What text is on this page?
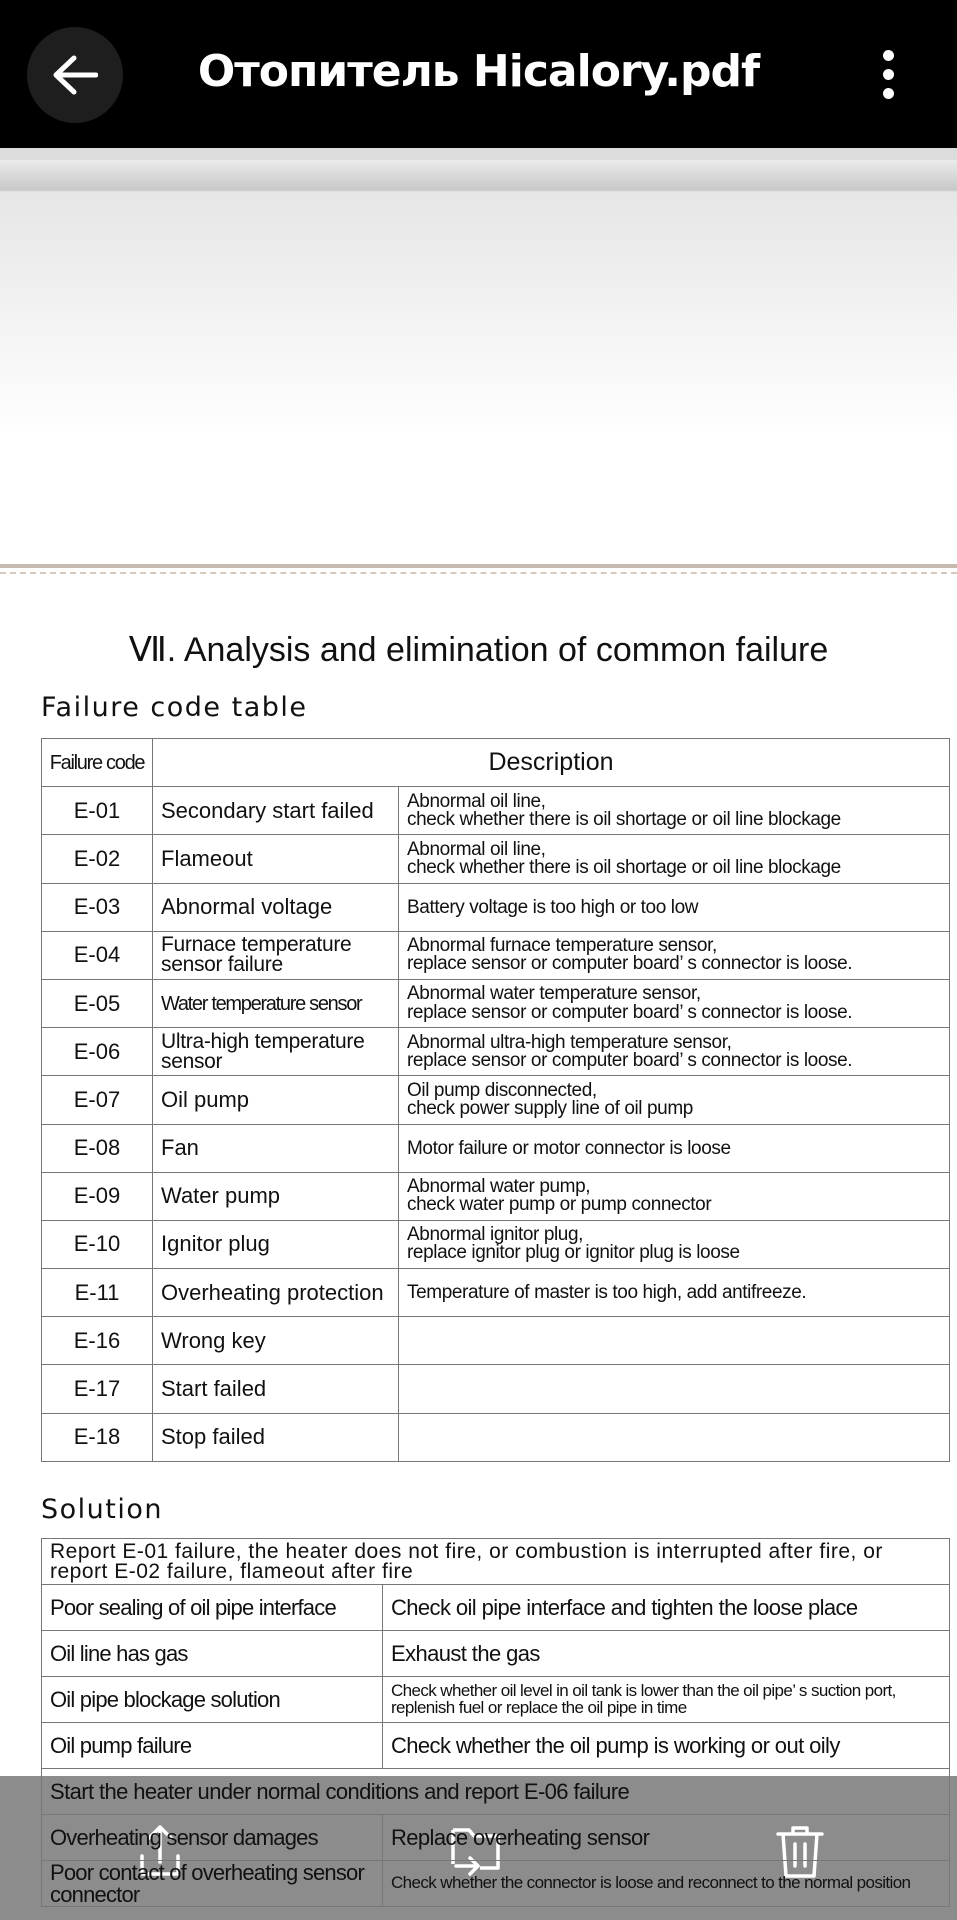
Отопитель Hicalory.pdf
Ⅶ. Analysis and elimination of common failure
Failure code table
Failure code	Description	
E-01	Secondary start failed	Abnormal oil line,
check whether there is oil shortage or oil line blockage

E-02	Flameout	Abnormal oil line,
check whether there is oil shortage or oil line blockage

E-03	Abnormal voltage	Battery voltage is too high or too low

E-04	Furnace temperature sensor failure	Abnormal furnace temperature sensor,
replace sensor or computer board’ s connector is loose.

E-05	Water temperature sensor	Abnormal water temperature sensor,
replace sensor or computer board’ s connector is loose.

E-06	Ultra-high temperature sensor	Abnormal ultra-high temperature sensor,
replace sensor or computer board’ s connector is loose.

E-07	Oil pump	Oil pump disconnected,
check power supply line of oil pump

E-08	Fan	Motor failure or motor connector is loose

E-09	Water pump	Abnormal water pump,
check water pump or pump connector

E-10	Ignitor plug	Abnormal ignitor plug,
replace ignitor plug or ignitor plug is loose

E-11	Overheating protection	Temperature of master is too high, add antifreeze.

E-16	Wrong key	

E-17	Start failed	

E-18	Stop failed	
Solution
Report E-01 failure, the heater does not fire, or combustion is interrupted after fire, or report E-02 failure, flameout after fire	
Poor sealing of oil pipe interface	Check oil pipe interface and tighten the loose place
Oil line has gas	Exhaust the gas
Oil pipe blockage solution	Check whether oil level in oil tank is lower than the oil pipe’ s suction port, replenish fuel or replace the oil pipe in time
Oil pump failure	Check whether the oil pump is working or out oily
Start the heater under normal conditions and report E-06 failure	
Overheating sensor damages	Replace overheating sensor
Poor contact of overheating sensor connector	Check whether the connector is loose and reconnect to the normal position
